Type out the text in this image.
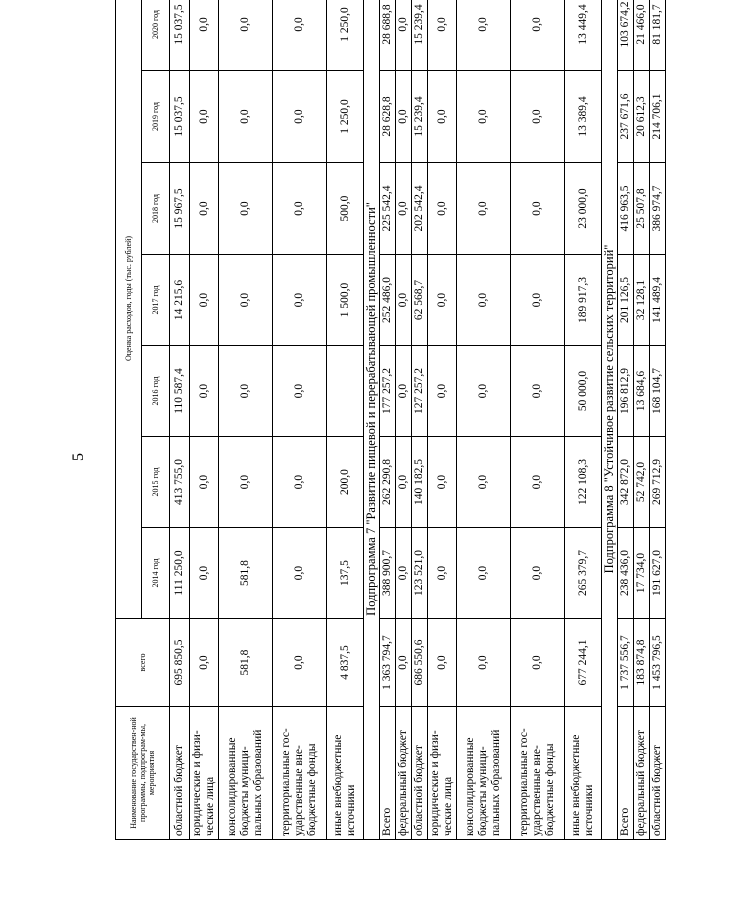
5
Наименование государствен-ной программы, подпрограм-мы, мероприятия	всего	Оценка расходов, годы (тыс. рублей)						
		2014 год	2015 год	2016 год	2017 год	2018 год	2019 год	2020 год
областной бюджет	695 850,5	111 250,0	413 755,0	110 587,4	14 215,6	15 967,5	15 037,5	15 037,5
юридические и физи-ческие лица	0,0	0,0	0,0	0,0	0,0	0,0	0,0	0,0
консолидированные бюджеты муници-пальных образований	581,8	581,8	0,0	0,0	0,0	0,0	0,0	0,0
территориальные гос-ударственные вне-бюджетные фонды	0,0	0,0	0,0	0,0	0,0	0,0	0,0	0,0
иные внебюджетные источники	4 837,5	137,5	200,0		1 500,0	500,0	1 250,0	1 250,0
Подпрограмма 7 "Развитие пищевой и перерабатывающей промышленности"								
Всего	1 363 794,7	388 900,7	262 290,8	177 257,2	252 486,0	225 542,4	28 628,8	28 688,8
федеральный бюджет	0,0	0,0	0,0	0,0	0,0	0,0	0,0	0,0
областной бюджет	686 550,6	123 521,0	140 182,5	127 257,2	62 568,7	202 542,4	15 239,4	15 239,4
юридические и физи-ческие лица	0,0	0,0	0,0	0,0	0,0	0,0	0,0	0,0
консолидированные бюджеты муници-пальных образований	0,0	0,0	0,0	0,0	0,0	0,0	0,0	0,0
территориальные гос-ударственные вне-бюджетные фонды	0,0	0,0	0,0	0,0	0,0	0,0	0,0	0,0
иные внебюджетные источники	677 244,1	265 379,7	122 108,3	50 000,0	189 917,3	23 000,0	13 389,4	13 449,4
Подпрограмма 8 "Устойчивое развитие сельских территорий"								
Всего	1 737 556,7	238 436,0	342 872,0	196 812,9	201 126,5	416 963,5	237 671,6	103 674,2
федеральный бюджет	183 874,8	17 734,0	52 742,0	13 684,6	32 128,1	25 507,8	20 612,3	21 466,0
областной бюджет	1 453 796,5	191 627,0	269 712,9	168 104,7	141 489,4	386 974,7	214 706,1	81 181,7
